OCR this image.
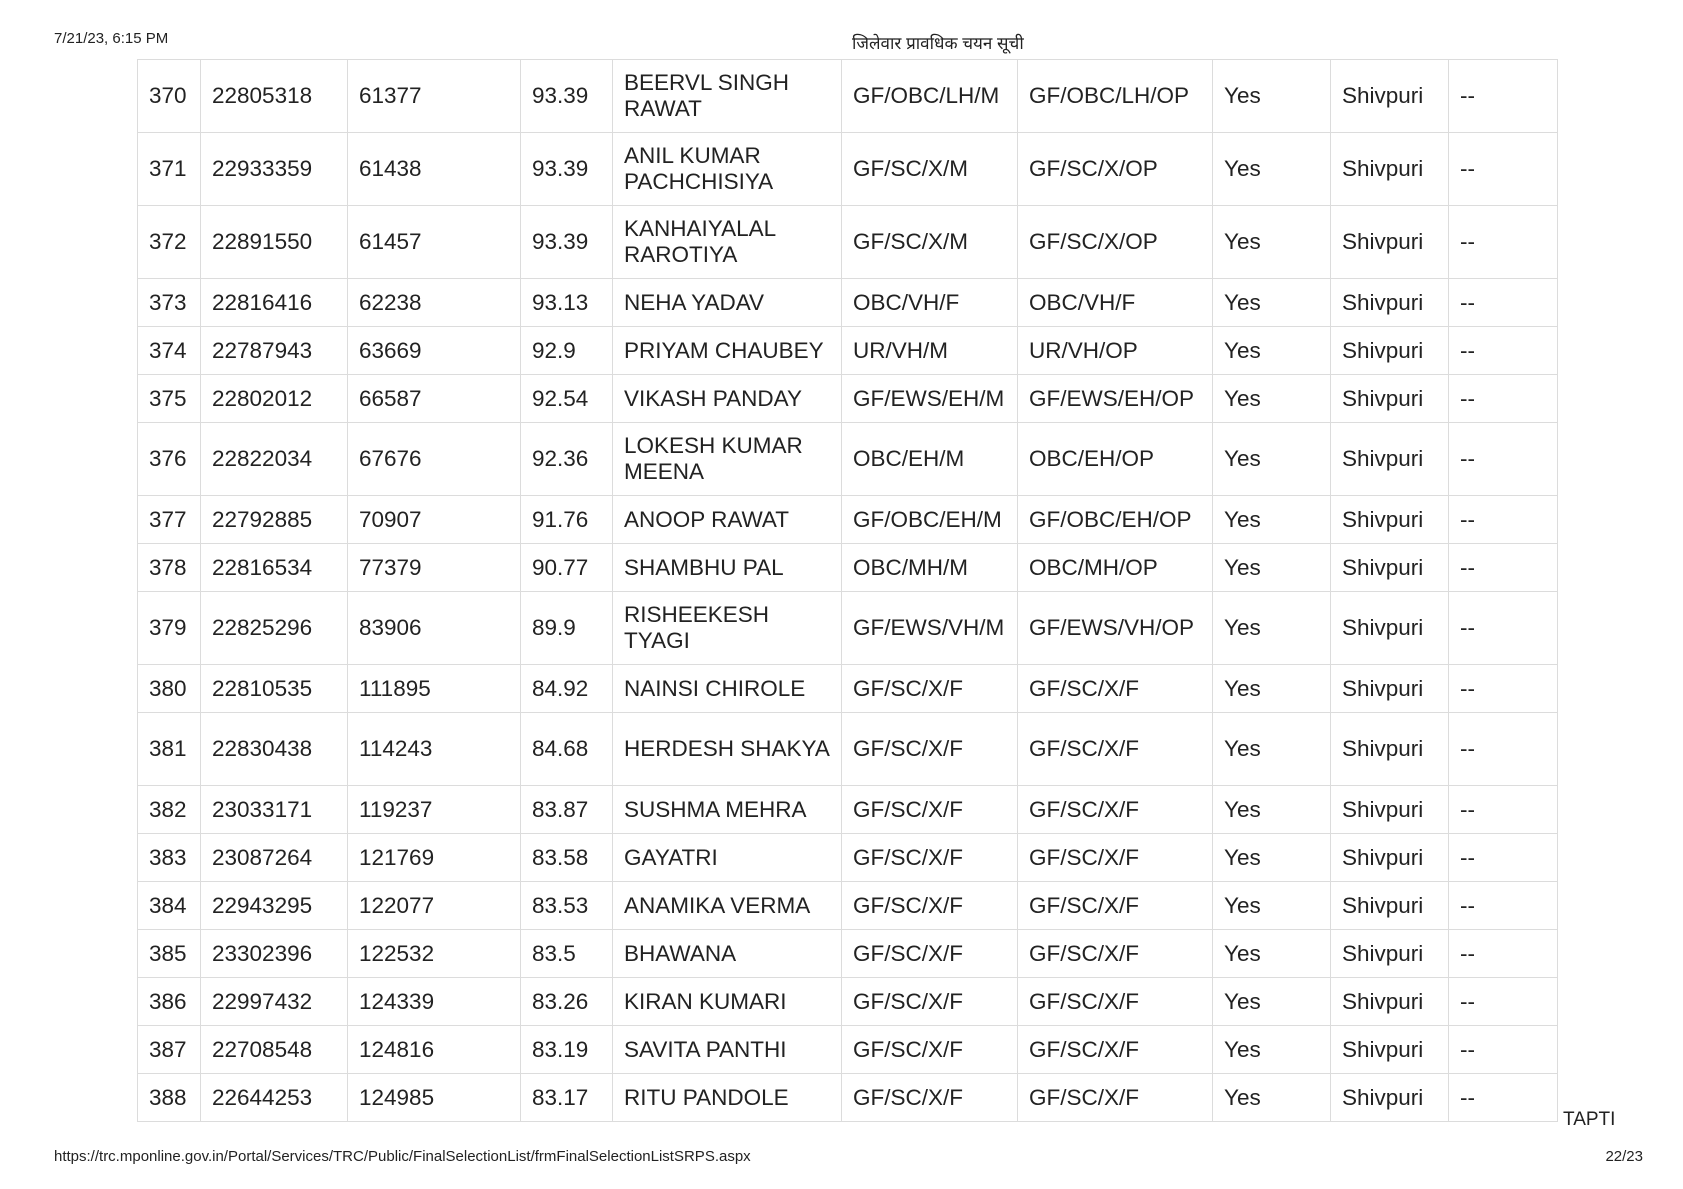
7/21/23, 6:15 PM	जिलेवार प्रावधिक चयन सूची
370	22805318	61377	93.39	BEERVL SINGH RAWAT	GF/OBC/LH/M	GF/OBC/LH/OP	Yes	Shivpuri	--
371	22933359	61438	93.39	ANIL KUMAR PACHCHISIYA	GF/SC/X/M	GF/SC/X/OP	Yes	Shivpuri	--
372	22891550	61457	93.39	KANHAIYALAL RAROTIYA	GF/SC/X/M	GF/SC/X/OP	Yes	Shivpuri	--
373	22816416	62238	93.13	NEHA YADAV	OBC/VH/F	OBC/VH/F	Yes	Shivpuri	--
374	22787943	63669	92.9	PRIYAM CHAUBEY	UR/VH/M	UR/VH/OP	Yes	Shivpuri	--
375	22802012	66587	92.54	VIKASH PANDAY	GF/EWS/EH/M	GF/EWS/EH/OP	Yes	Shivpuri	--
376	22822034	67676	92.36	LOKESH KUMAR MEENA	OBC/EH/M	OBC/EH/OP	Yes	Shivpuri	--
377	22792885	70907	91.76	ANOOP RAWAT	GF/OBC/EH/M	GF/OBC/EH/OP	Yes	Shivpuri	--
378	22816534	77379	90.77	SHAMBHU PAL	OBC/MH/M	OBC/MH/OP	Yes	Shivpuri	--
379	22825296	83906	89.9	RISHEEKESH TYAGI	GF/EWS/VH/M	GF/EWS/VH/OP	Yes	Shivpuri	--
380	22810535	111895	84.92	NAINSI CHIROLE	GF/SC/X/F	GF/SC/X/F	Yes	Shivpuri	--
381	22830438	114243	84.68	HERDESH SHAKYA	GF/SC/X/F	GF/SC/X/F	Yes	Shivpuri	--
382	23033171	119237	83.87	SUSHMA MEHRA	GF/SC/X/F	GF/SC/X/F	Yes	Shivpuri	--
383	23087264	121769	83.58	GAYATRI	GF/SC/X/F	GF/SC/X/F	Yes	Shivpuri	--
384	22943295	122077	83.53	ANAMIKA VERMA	GF/SC/X/F	GF/SC/X/F	Yes	Shivpuri	--
385	23302396	122532	83.5	BHAWANA	GF/SC/X/F	GF/SC/X/F	Yes	Shivpuri	--
386	22997432	124339	83.26	KIRAN KUMARI	GF/SC/X/F	GF/SC/X/F	Yes	Shivpuri	--
387	22708548	124816	83.19	SAVITA PANTHI	GF/SC/X/F	GF/SC/X/F	Yes	Shivpuri	--
388	22644253	124985	83.17	RITU PANDOLE	GF/SC/X/F	GF/SC/X/F	Yes	Shivpuri	--
TAPTI
https://trc.mponline.gov.in/Portal/Services/TRC/Public/FinalSelectionList/frmFinalSelectionListSRPS.aspx	22/23
